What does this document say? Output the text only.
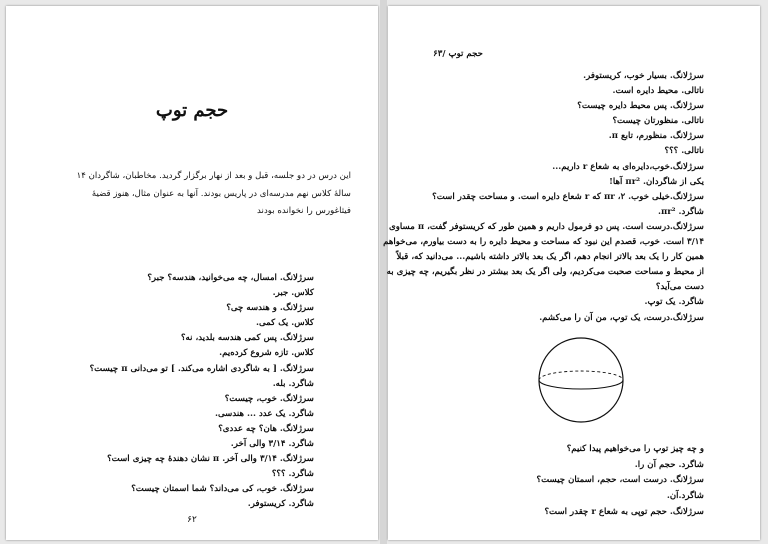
حجم توپ
این درس در دو جلسه، قبل و بعد از نهار برگزار گردید. مخاطبان، شاگردان ۱۴
سالهٔ کلاس نهم مدرسه‌ای در پاریس بودند. آنها به عنوان مثال، هنوز قضیهٔ
فیثاغورس را نخوانده بودند
سرژلانگ. امسال، چه می‌خوانید، هندسه؟ جبر؟
کلاس. جبر.
سرژلانگ. و هندسه چی؟
کلاس. یک کمی.
سرژلانگ. پس کمی هندسه بلدید، نه؟
کلاس. تازه شروع کرده‌یم.
سرژلانگ. [ به شاگردی اشاره می‌کند. ] تو می‌دانی π چیست؟
شاگرد. بله.
سرژلانگ. خوب، چیست؟
شاگرد. یک عدد ... هندسی.
سرژلانگ. هان؟ چه عددی؟
شاگرد. ۳/۱۴ والی آخر.
سرژلانگ. ۳/۱۴ والی آخر. π نشان دهندهٔ چه چیزی است؟
شاگرد. ؟؟؟
سرژلانگ. خوب، کی می‌داند؟ شما اسمتان چیست؟
شاگرد. کریستوفر.
۶۲
حجم توپ /۶۳
سرژلانگ. بسیار خوب، کریستوفر.
ناتالی. محیط دایره است.
سرژلانگ. پس محیط دایره چیست؟
ناتالی. منظورتان چیست؟
سرژلانگ. منظورم، تابع π.
ناتالی. ؟؟؟
سرژلانگ.خوب،دایره‌ای به شعاع r داریم...
یکی از شاگردان. πr² آها!
سرژلانگ.خیلی خوب. πr ،۲ که r شعاع دایره است. و مساحت چقدر است؟
شاگرد. πr².
سرژلانگ.درست است. پس دو فرمول داریم و همین طور که کریستوفر گفت، π مساوی
۳/۱۴ است. خوب، قصدم این نبود که مساحت و محیط دایره را به دست بیاورم، می‌خواهم
همین کار را یک بعد بالاتر انجام دهم، اگر یک بعد بالاتر داشته باشیم... می‌دانید که، قبلاً
از محیط و مساحت صحبت می‌کردیم، ولی اگر یک بعد بیشتر در نظر بگیریم، چه چیزی به
دست می‌آید؟
شاگرد. یک توپ.
سرژلانگ.درست، یک توپ، من آن را می‌کشم.
و چه چیز توپ را می‌خواهیم پیدا کنیم؟
شاگرد. حجم آن را.
سرژلانگ. درست است، حجم، اسمتان چیست؟
شاگرد.آن.
سرژلانگ. حجم توپی به شعاع r چقدر است؟
